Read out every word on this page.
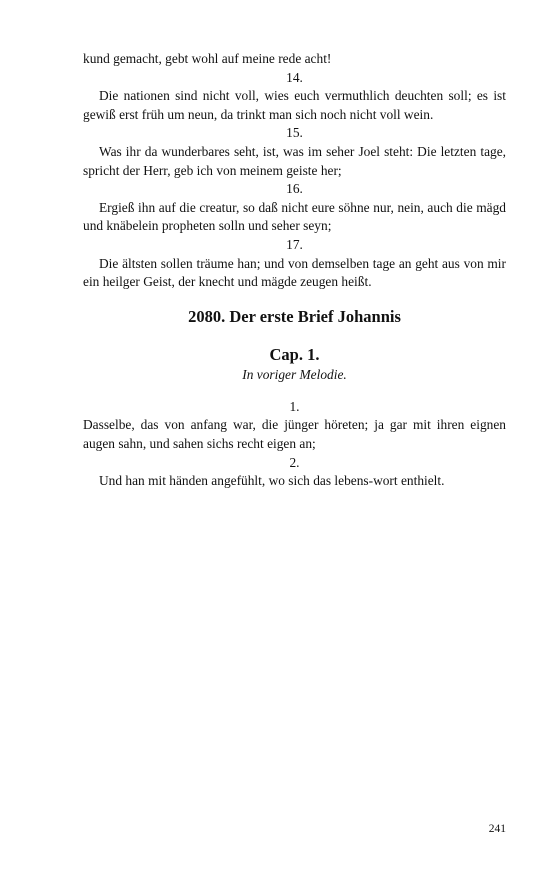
kund gemacht, gebt wohl auf meine rede acht!

14.

Die nationen sind nicht voll, wies euch vermuthlich deuchten soll; es ist gewiß erst früh um neun, da trinkt man sich noch nicht voll wein.

15.

Was ihr da wunderbares seht, ist, was im seher Joel steht: Die letzten tage, spricht der Herr, geb ich von meinem geiste her;

16.

Ergieß ihn auf die creatur, so daß nicht eure söhne nur, nein, auch die mägd und knäbelein propheten solln und seher seyn;

17.

Die ältsten sollen träume han; und von demselben tage an geht aus von mir ein heilger Geist, der knecht und mägde zeugen heißt.

2080. Der erste Brief Johannis
Cap. 1.

In voriger Melodie.

1.

Dasselbe, das von anfang war, die jünger höreten; ja gar mit ihren eignen augen sahn, und sahen sichs recht eigen an;

2.

Und han mit händen angefühlt, wo sich das lebens-wort enthielt.

241
